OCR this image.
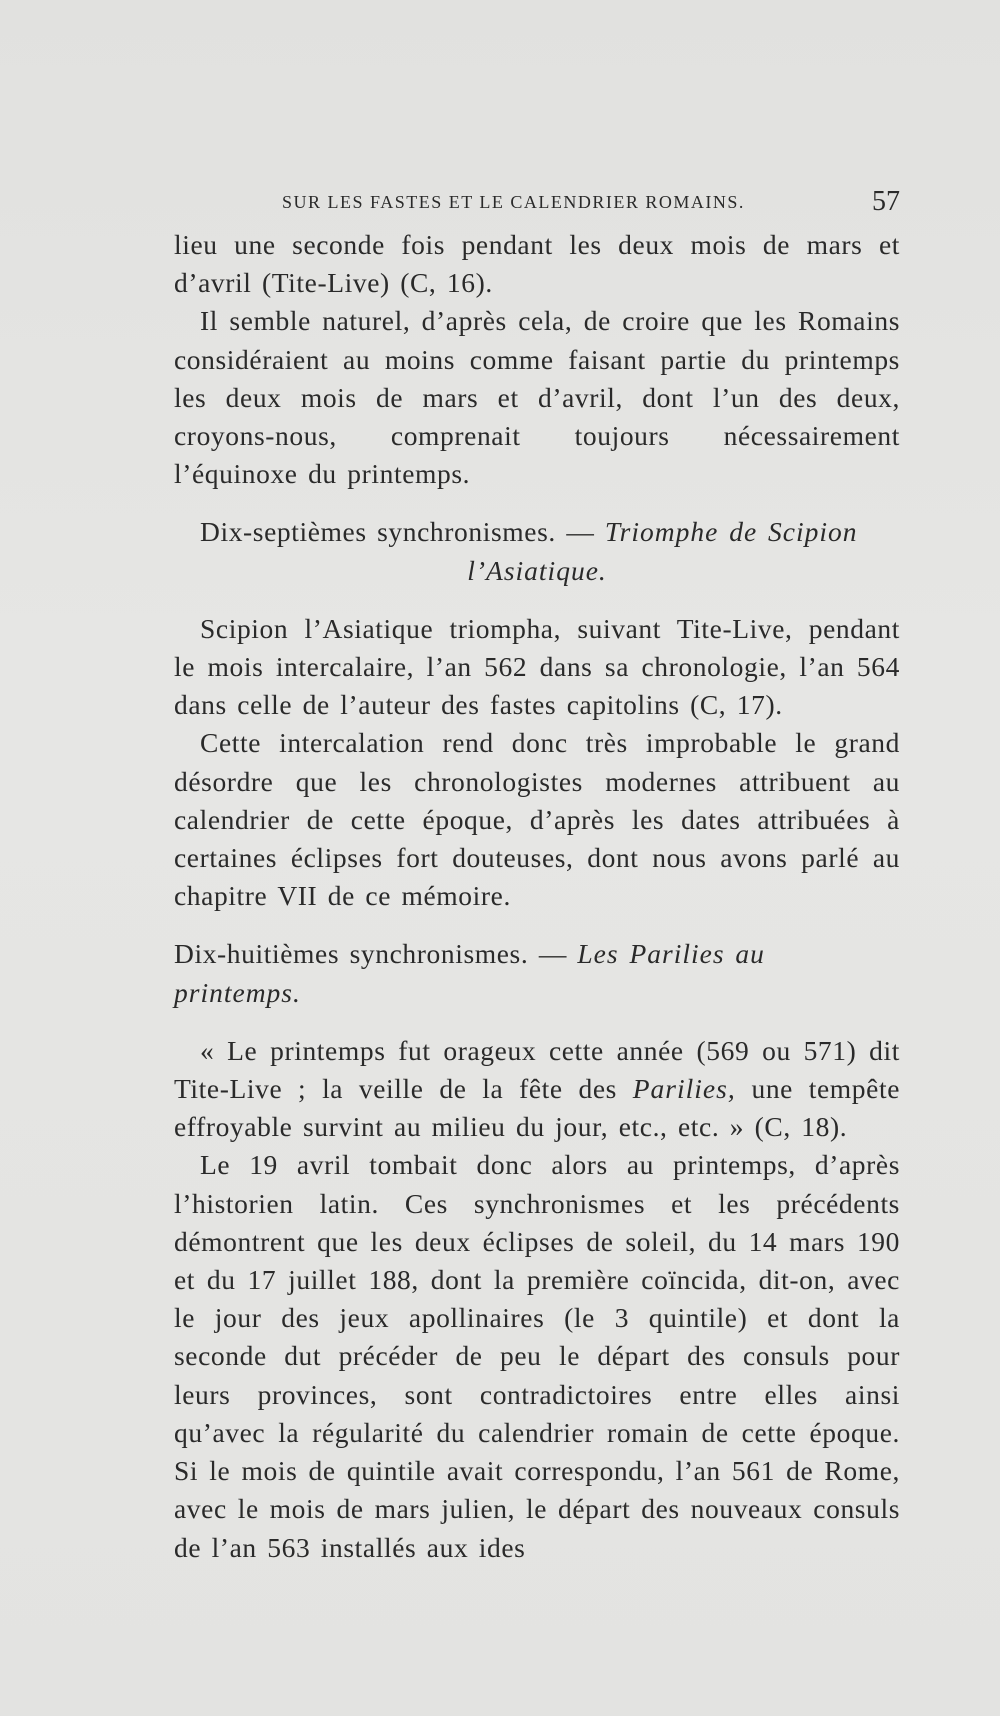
SUR LES FASTES ET LE CALENDRIER ROMAINS.	57

lieu une seconde fois pendant les deux mois de mars et d’avril (Tite-Live) (C, 16).

Il semble naturel, d’après cela, de croire que les Romains considéraient au moins comme faisant partie du printemps les deux mois de mars et d’avril, dont l’un des deux, croyons-nous, comprenait toujours nécessairement l’équinoxe du printemps.

Dix-septièmes synchronismes. — Triomphe de Scipion

l’Asiatique.

Scipion l’Asiatique triompha, suivant Tite-Live, pendant le mois intercalaire, l’an 562 dans sa chronologie, l’an 564 dans celle de l’auteur des fastes capitolins (C, 17).

Cette intercalation rend donc très improbable le grand désordre que les chronologistes modernes attribuent au calendrier de cette époque, d’après les dates attribuées à certaines éclipses fort douteuses, dont nous avons parlé au chapitre VII de ce mémoire.

Dix-huitièmes synchronismes. — Les Parilies au printemps.

« Le printemps fut orageux cette année (569 ou 571) dit Tite-Live ; la veille de la fête des Parilies, une tempête effroyable survint au milieu du jour, etc., etc. » (C, 18).

Le 19 avril tombait donc alors au printemps, d’après l’historien latin. Ces synchronismes et les précédents démontrent que les deux éclipses de soleil, du 14 mars 190 et du 17 juillet 188, dont la première coïncida, dit-on, avec le jour des jeux apollinaires (le 3 quintile) et dont la seconde dut précéder de peu le départ des consuls pour leurs provinces, sont contradictoires entre elles ainsi qu’avec la régularité du calendrier romain de cette époque. Si le mois de quintile avait correspondu, l’an 561 de Rome, avec le mois de mars julien, le départ des nouveaux consuls de l’an 563 installés aux ides
